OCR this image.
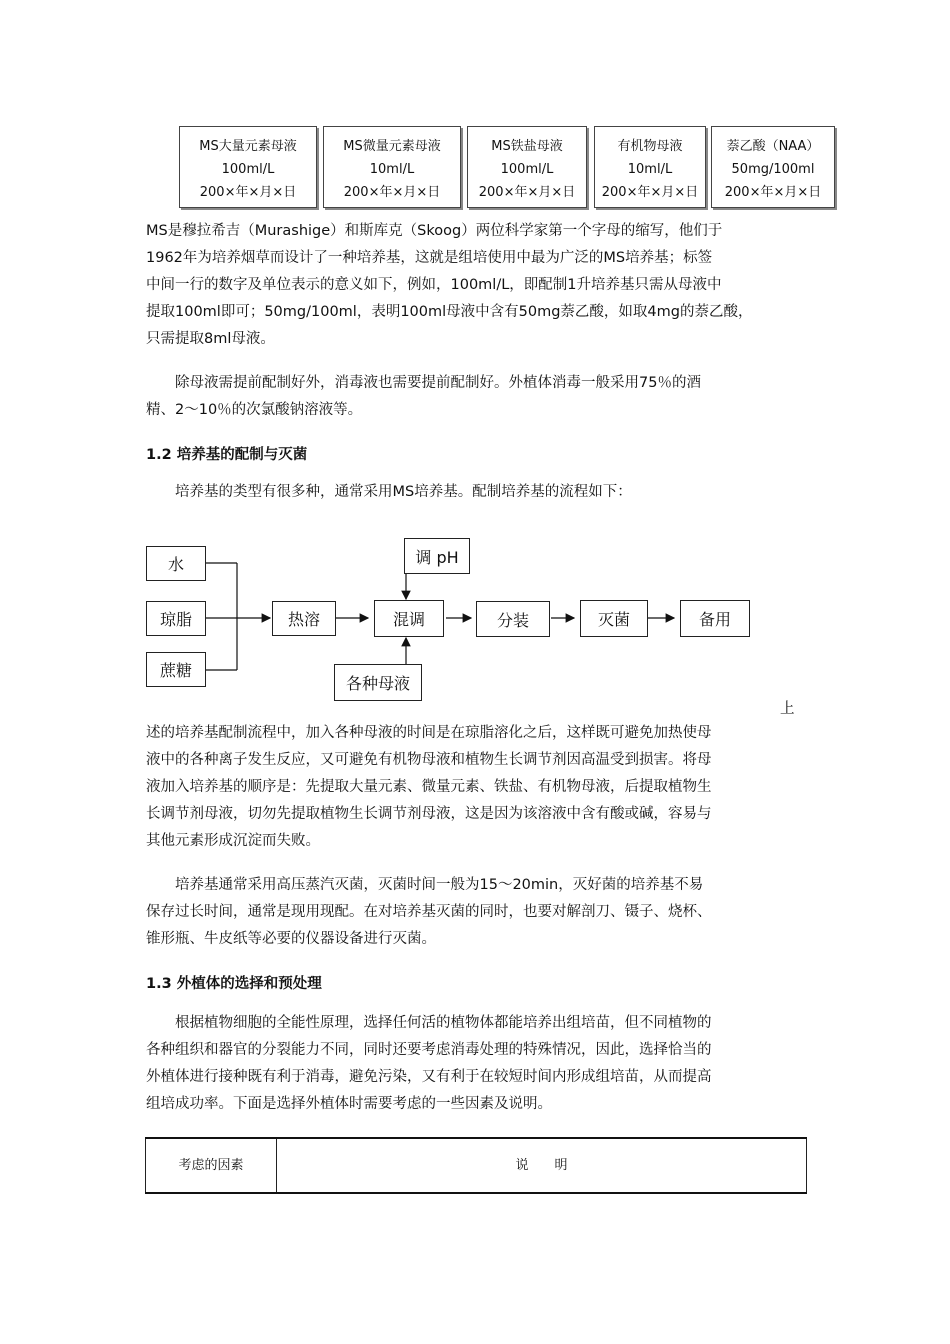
MS大量元素母液
100ml/L
200×年×月×日
MS微量元素母液
10ml/L
200×年×月×日
MS铁盐母液
100ml/L
200×年×月×日
有机物母液
10ml/L
200×年×月×日
萘乙酸（NAA）
50mg/100ml
200×年×月×日
MS是穆拉希吉（Murashige）和斯库克（Skoog）两位科学家第一个字母的缩写，他们于
1962年为培养烟草而设计了一种培养基，这就是组培使用中最为广泛的MS培养基；标签
中间一行的数字及单位表示的意义如下，例如，100ml/L，即配制1升培养基只需从母液中
提取100ml即可；50mg/100ml，表明100ml母液中含有50mg萘乙酸，如取4mg的萘乙酸，
只需提取8ml母液。
　　除母液需提前配制好外，消毒液也需要提前配制好。外植体消毒一般采用75％的酒
精、2～10％的次氯酸钠溶液等。
1.2 培养基的配制与灭菌
　　培养基的类型有很多种，通常采用MS培养基。配制培养基的流程如下：
水
琼脂
蔗糖
热溶	混调
调 pH
各种母液
分装	灭菌	备用
上
述的培养基配制流程中，加入各种母液的时间是在琼脂溶化之后，这样既可避免加热使母
液中的各种离子发生反应，又可避免有机物母液和植物生长调节剂因高温受到损害。将母
液加入培养基的顺序是：先提取大量元素、微量元素、铁盐、有机物母液，后提取植物生
长调节剂母液，切勿先提取植物生长调节剂母液，这是因为该溶液中含有酸或碱，容易与
其他元素形成沉淀而失败。
　　培养基通常采用高压蒸汽灭菌，灭菌时间一般为15～20min，灭好菌的培养基不易
保存过长时间，通常是现用现配。在对培养基灭菌的同时，也要对解剖刀、镊子、烧杯、
锥形瓶、牛皮纸等必要的仪器设备进行灭菌。
1.3 外植体的选择和预处理
　　根据植物细胞的全能性原理，选择任何活的植物体都能培养出组培苗，但不同植物的
各种组织和器官的分裂能力不同，同时还要考虑消毒处理的特殊情况，因此，选择恰当的
外植体进行接种既有利于消毒，避免污染，又有利于在较短时间内形成组培苗，从而提高
组培成功率。下面是选择外植体时需要考虑的一些因素及说明。
考虑的因素	说　　明
